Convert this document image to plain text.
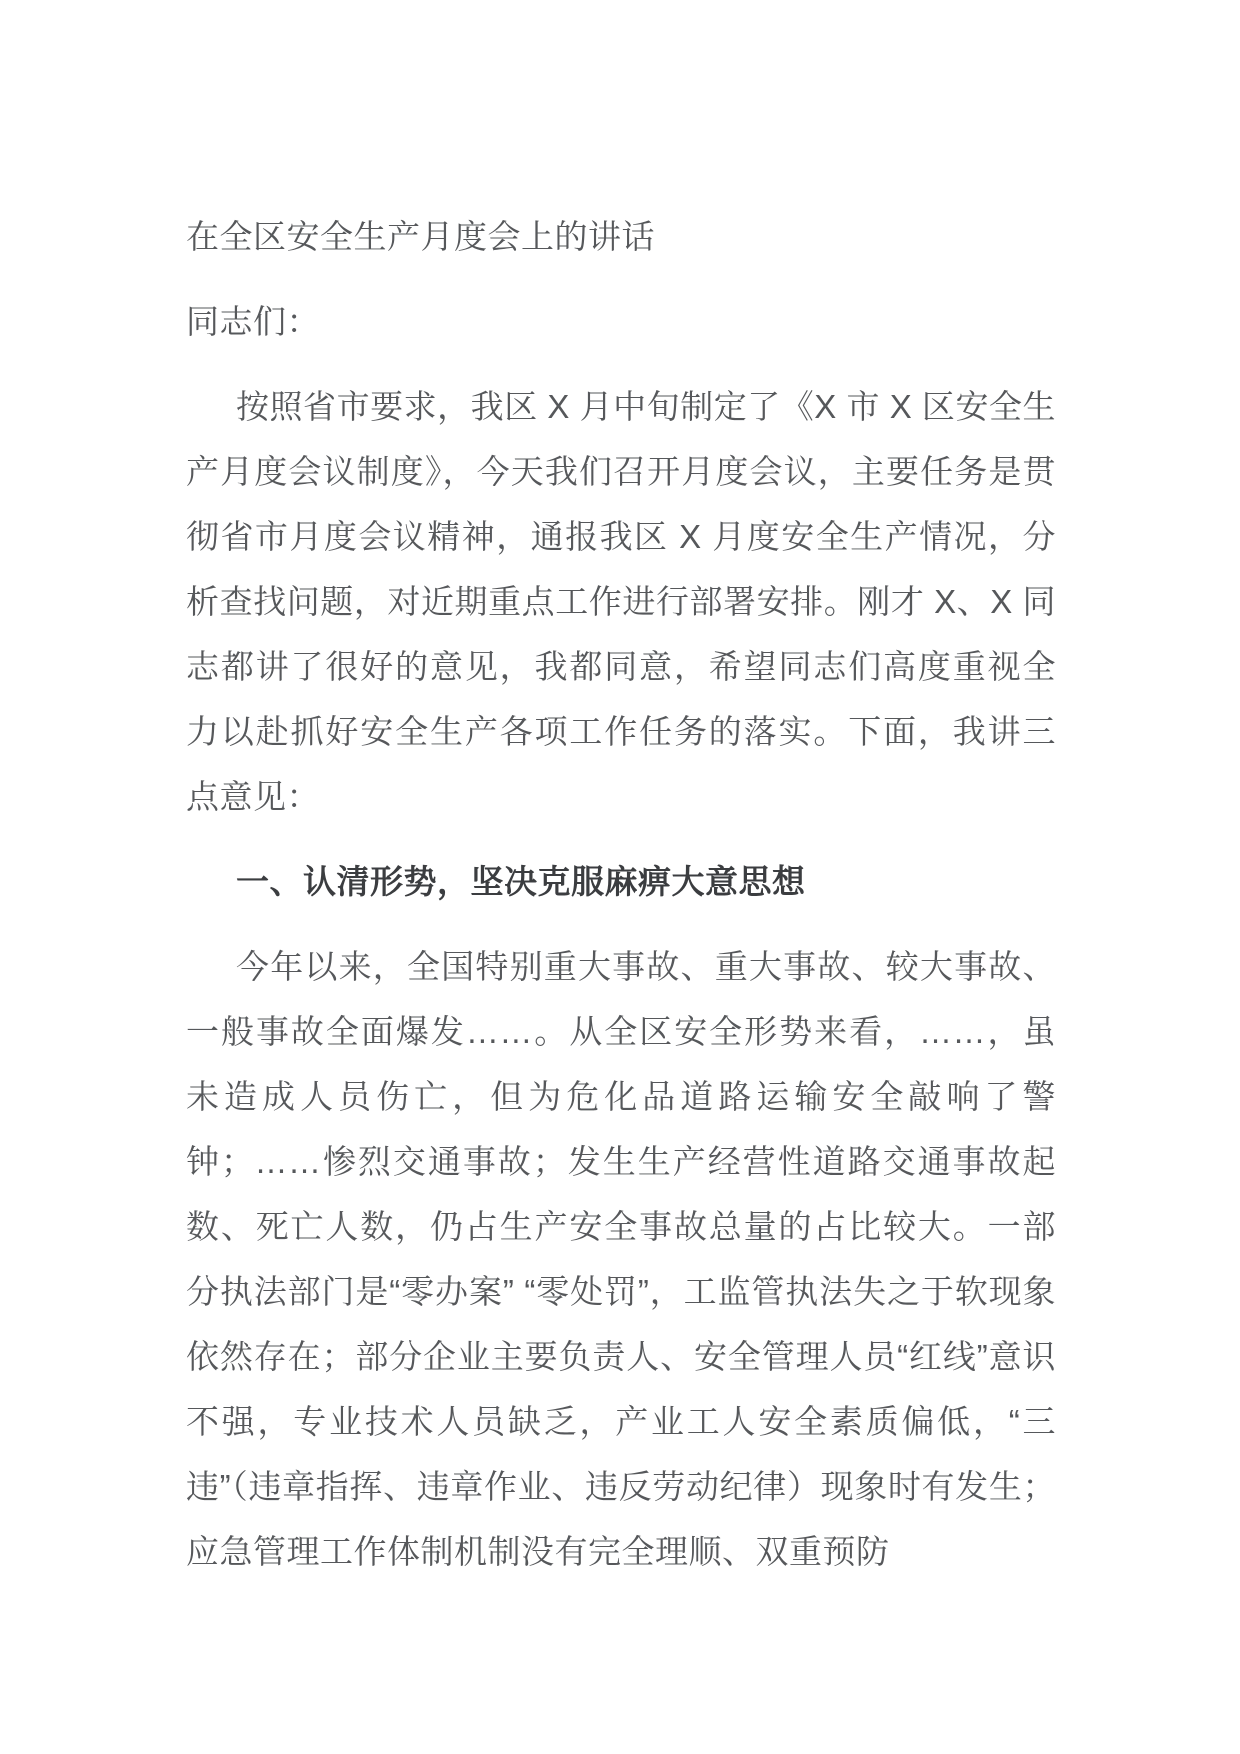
在全区安全生产月度会上的讲话

同志们：

按照省市要求，我区 X 月中旬制定了《X 市 X 区安全生产月度会议制度》，今天我们召开月度会议，主要任务是贯彻省市月度会议精神，通报我区 X 月度安全生产情况，分析查找问题，对近期重点工作进行部署安排。刚才 X、X 同志都讲了很好的意见，我都同意，希望同志们高度重视全力以赴抓好安全生产各项工作任务的落实。下面，我讲三点意见：

一、认清形势，坚决克服麻痹大意思想

今年以来，全国特别重大事故、重大事故、较大事故、一般事故全面爆发……。从全区安全形势来看，……，虽未造成人员伤亡，但为危化品道路运输安全敲响了警钟；……惨烈交通事故；发生生产经营性道路交通事故起数、死亡人数，仍占生产安全事故总量的占比较大。一部分执法部门是“零办案” “零处罚”，工监管执法失之于软现象依然存在；部分企业主要负责人、安全管理人员“红线”意识不强，专业技术人员缺乏，产业工人安全素质偏低，“三违”（违章指挥、违章作业、违反劳动纪律）现象时有发生；应急管理工作体制机制没有完全理顺、双重预防
